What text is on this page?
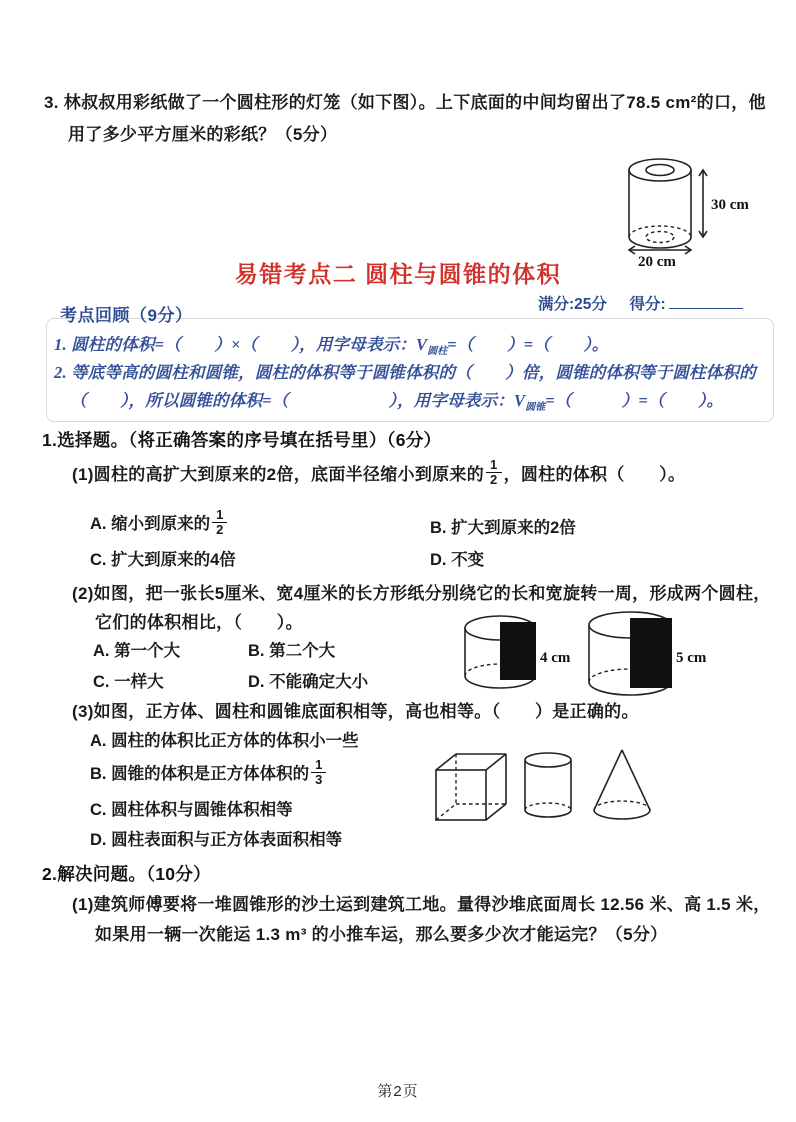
3. 林叔叔用彩纸做了一个圆柱形的灯笼（如下图）。上下底面的中间均留出了78.5 cm²的口，他
用了多少平方厘米的彩纸？（5分）
30 cm
20 cm
易错考点二 圆柱与圆锥的体积
满分:25分 得分:
考点回顾（9分）
1. 圆柱的体积=（　　）×（　　），用字母表示：$V_{圆柱}=$（　　）=（　　）。
2. 等底等高的圆柱和圆锥，圆柱的体积等于圆锥体积的（　　）倍，圆锥的体积等于圆柱体积的
（　　），所以圆锥的体积=（　　　　　　），用字母表示：$V_{圆锥}=$（　　　）=（　　）。
1.选择题。（将正确答案的序号填在括号里）（6分）
(1)圆柱的高扩大到原来的2倍，底面半径缩小到原来的 $\frac{1}{2}$ ，圆柱的体积（　　）。
A. 缩小到原来的 $\frac{1}{2}$	B. 扩大到原来的2倍
C. 扩大到原来的4倍	D. 不变
(2)如图，把一张长5厘米、宽4厘米的长方形纸分别绕它的长和宽旋转一周，形成两个圆柱，
它们的体积相比，（　　）。
A. 第一个大	B. 第二个大
C. 一样大	D. 不能确定大小
4 cm	5 cm
(3)如图，正方体、圆柱和圆锥底面积相等，高也相等。（　　）是正确的。
A. 圆柱的体积比正方体的体积小一些
B. 圆锥的体积是正方体体积的 $\frac{1}{3}$
C. 圆柱体积与圆锥体积相等
D. 圆柱表面积与正方体表面积相等
2.解决问题。（10分）
(1)建筑师傅要将一堆圆锥形的沙土运到建筑工地。量得沙堆底面周长 12.56 米、高 1.5 米，
如果用一辆一次能运 1.3 m³ 的小推车运，那么要多少次才能运完？（5分）
第2页
